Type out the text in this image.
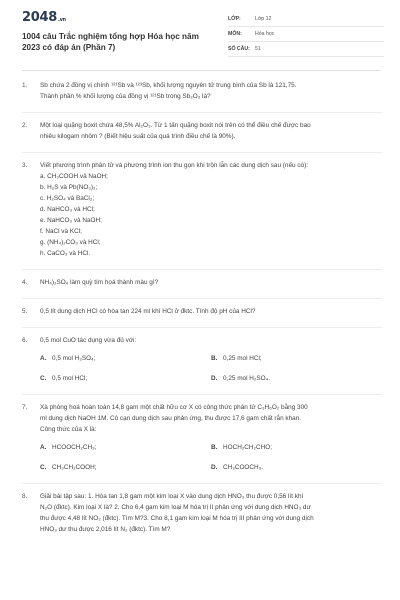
2048.vn
1004 câu Trắc nghiệm tổng hợp Hóa học năm 2023 có đáp án (Phần 7)
LỚP:	Lớp 12
MÔN:	Hóa học
SỐ CÂU: 51
1. Sb chứa 2 đồng vị chính ¹²¹Sb và ¹²³Sb, khối lượng nguyên tử trung bình của Sb là 121,75.
Thành phần % khối lượng của đồng vị ¹²¹Sb trong Sb₂O₃ là?
2. Một loại quặng boxit chứa 48,5% Al₂O₃. Từ 1 tấn quặng boxit nói trên có thể điều chế được bao
nhiêu kilogam nhôm ? (Biết hiệu suất của quá trình điều chế là 90%).
3. Viết phương trình phân tử và phương trình ion thu gọn khi trộn lẫn các dung dịch sau (nếu có):
a. CH₃COOH và NaOH;
b. H₂S và Pb(NO₃)₂;
c. H₂SO₄ và BaCl₂;
d. NaHCO₃ và HCl;
e. NaHCO₃ và NaOH;
f. NaCl và KCl;
g. (NH₄)₂CO₃ và HCl;
h. CaCO₃ và HCl.
4. NH₄)₂SO₄ làm quỳ tím hoá thành màu gì?
5. 0,5 lít dung dịch HCl có hòa tan 224 ml khí HCl ở đktc. Tính độ pH của HCl?
6. 0,5 mol CuO tác dụng vừa đủ với:
A. 0,5 mol H₂SO₄;	B. 0,25 mol HCl;
C. 0,5 mol HCl;	D. 0,25 mol H₂SO₄.
7. Xà phòng hoá hoàn toàn 14,8 gam một chất hữu cơ X có công thức phân tử C₃H₆O₂ bằng 300
ml dung dịch NaOH 1M. Cô cạn dung dịch sau phản ứng, thu được 17,6 gam chất rắn khan.
Công thức của X là:
A. HCOOCH₂CH₃;	B. HOCH₂CH₂CHO;
C. CH₃CH₂COOH;	D. CH₃COOCH₃.
8. Giải bài tập sau: 1. Hòa tan 1,8 gam một kim loại X vào dung dịch HNO₃ thu được 0,56 lít khí
N₂O (đktc). Kim loại X là? 2. Cho 6,4 gam kim loại M hóa trị II phản ứng với dung dịch HNO₃ dư
thu được 4,48 lít NO₂ (đktc). Tìm M?3. Cho 8,1 gam kim loại M hóa trị III phản ứng với dung dịch
HNO₃ dư thu được 2,016 lít N₂ (đktc). Tìm M?
